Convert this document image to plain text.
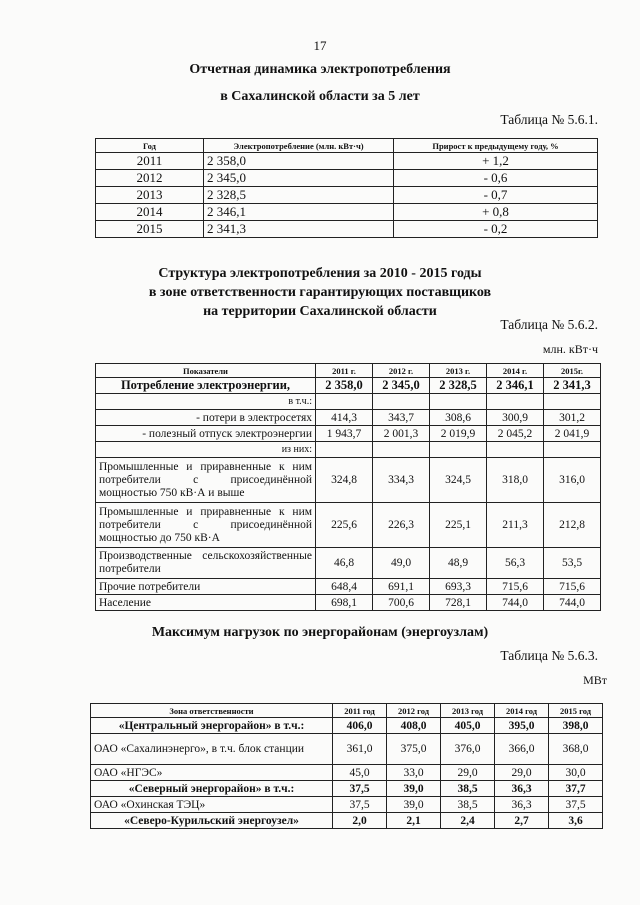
17
Отчетная динамика электропотребления
в Сахалинской области за 5 лет
Таблица № 5.6.1.
Год	Электропотребление (млн. кВт·ч)	Прирост к предыдущему году, %
2011	2 358,0	+ 1,2
2012	2 345,0	- 0,6
2013	2 328,5	- 0,7
2014	2 346,1	+ 0,8
2015	2 341,3	- 0,2
Структура электропотребления за 2010 - 2015 годы
в зоне ответственности гарантирующих поставщиков
на территории Сахалинской области
Таблица № 5.6.2.
млн. кВт·ч
Показатели	2011 г.	2012 г.	2013 г.	2014 г.	2015г.
Потребление электроэнергии,	2 358,0	2 345,0	2 328,5	2 346,1	2 341,3
в т.ч.:					
- потери в электросетях	414,3	343,7	308,6	300,9	301,2
- полезный отпуск электроэнергии	1 943,7	2 001,3	2 019,9	2 045,2	2 041,9
из них:					
Промышленные и приравненные к ним потребители с присоединённой мощностью 750 кВ·А и выше	324,8	334,3	324,5	318,0	316,0
Промышленные и приравненные к ним потребители с присоединённой мощностью до 750 кВ·А	225,6	226,3	225,1	211,3	212,8
Производственные сельскохозяйственные потребители	46,8	49,0	48,9	56,3	53,5
Прочие потребители	648,4	691,1	693,3	715,6	715,6
Население	698,1	700,6	728,1	744,0	744,0
Максимум нагрузок по энергорайонам (энергоузлам)
Таблица № 5.6.3.
МВт
Зона ответственности	2011 год	2012 год	2013 год	2014 год	2015 год
«Центральный энергорайон» в т.ч.:	406,0	408,0	405,0	395,0	398,0
ОАО «Сахалинэнерго», в т.ч. блок станции	361,0	375,0	376,0	366,0	368,0
ОАО «НГЭС»	45,0	33,0	29,0	29,0	30,0
«Северный энергорайон» в т.ч.:	37,5	39,0	38,5	36,3	37,7
ОАО «Охинская ТЭЦ»	37,5	39,0	38,5	36,3	37,5
«Северо-Курильский энергоузел»	2,0	2,1	2,4	2,7	3,6
